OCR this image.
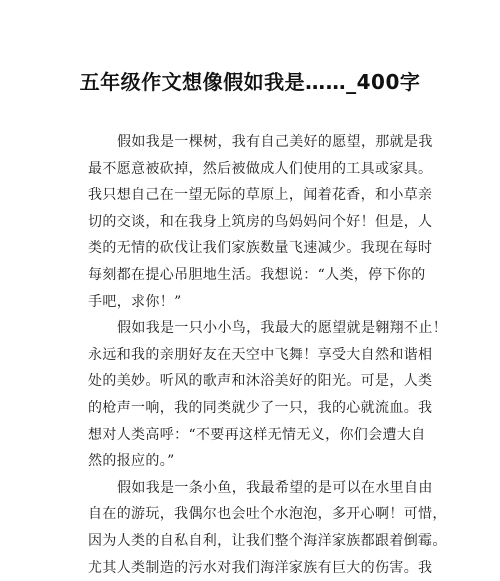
五年级作文想像假如我是……_400字
假如我是一棵树，我有自己美好的愿望，那就是我
最不愿意被砍掉，然后被做成人们使用的工具或家具。
我只想自己在一望无际的草原上，闻着花香，和小草亲
切的交谈，和在我身上筑房的鸟妈妈问个好！但是，人
类的无情的砍伐让我们家族数量飞速减少。我现在每时
每刻都在提心吊胆地生活。我想说：“人类，停下你的
手吧，求你！”
假如我是一只小小鸟，我最大的愿望就是翱翔不止！
永远和我的亲朋好友在天空中飞舞！享受大自然和谐相
处的美妙。听风的歌声和沐浴美好的阳光。可是，人类
的枪声一响，我的同类就少了一只，我的心就流血。我
想对人类高呼：“不要再这样无情无义，你们会遭大自
然的报应的。”
假如我是一条小鱼，我最希望的是可以在水里自由
自在的游玩，我偶尔也会吐个水泡泡，多开心啊！可惜，
因为人类的自私自利，让我们整个海洋家族都跟着倒霉。
尤其人类制造的污水对我们海洋家族有巨大的伤害。我
